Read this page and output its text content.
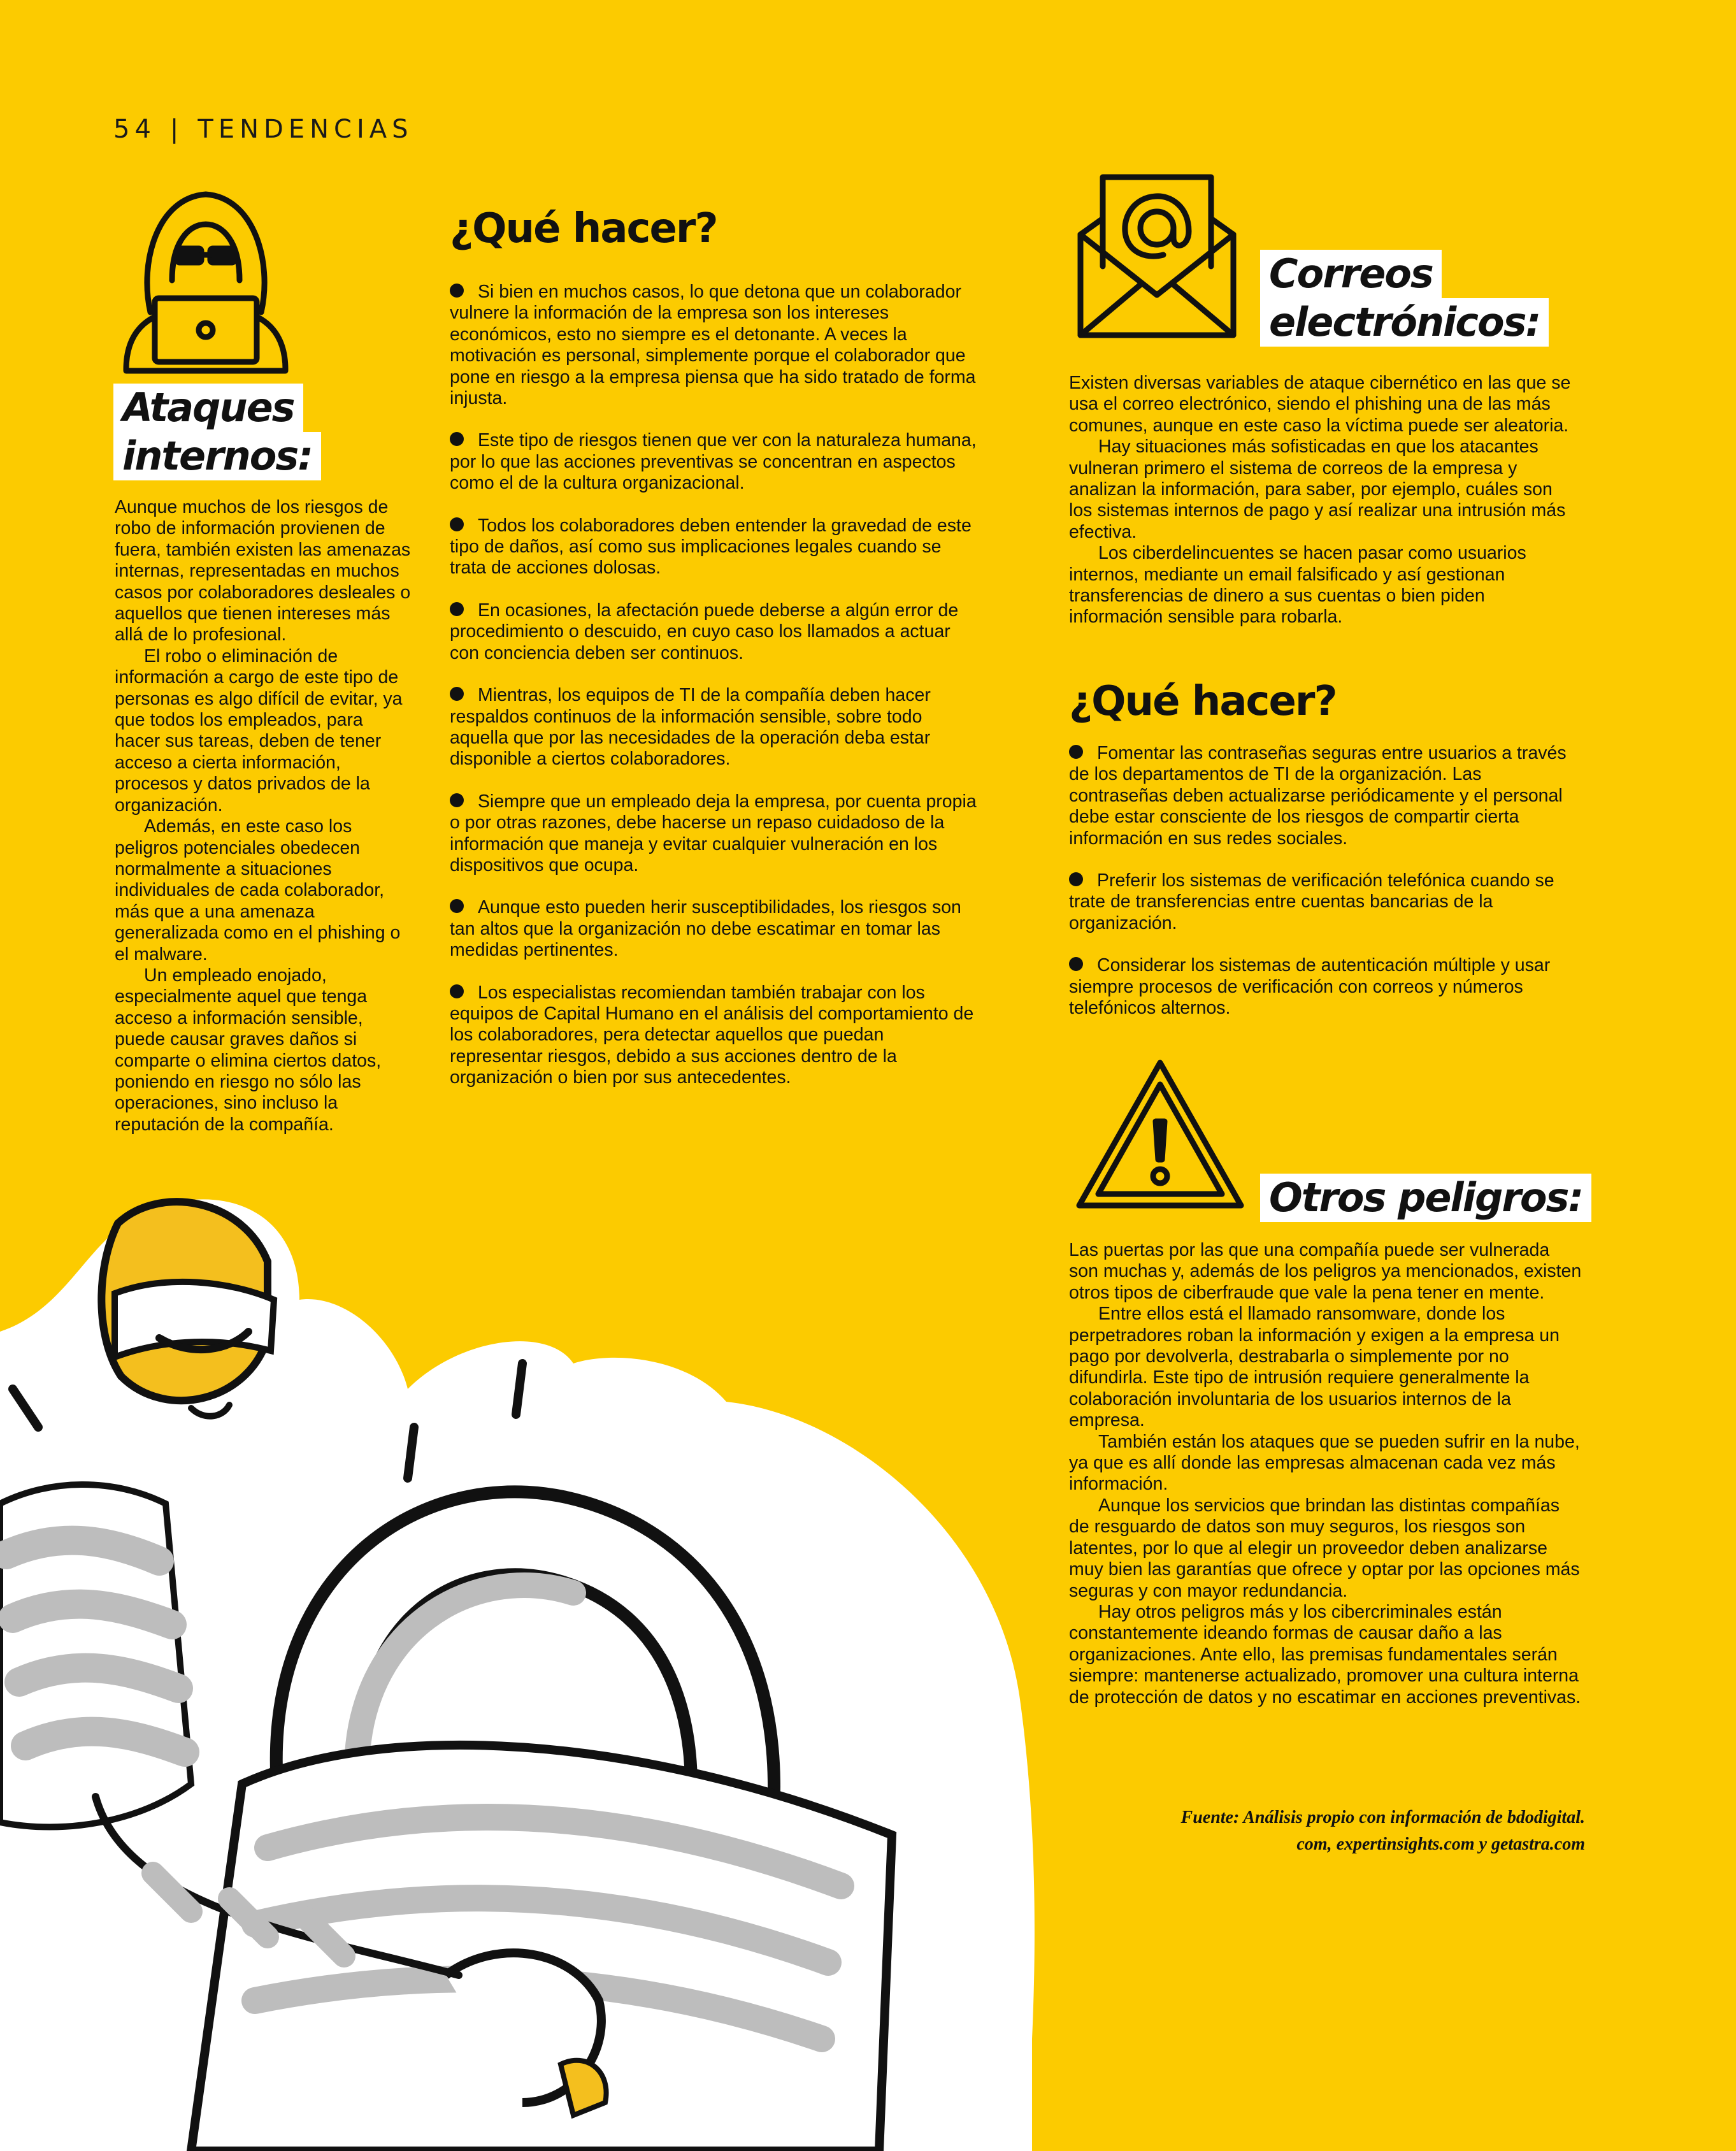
54 | TENDENCIAS
Ataques
internos:

Aunque muchos de los riesgos de robo de información provienen de fuera, también existen las amenazas internas, representadas en muchos casos por colaboradores desleales o aquellos que tienen intereses más allá de lo profesional.

El robo o eliminación de información a cargo de este tipo de personas es algo difícil de evitar, ya que todos los empleados, para hacer sus tareas, deben de tener acceso a cierta información, procesos y datos privados de la organización.

Además, en este caso los peligros potenciales obedecen normalmente a situaciones individuales de cada colaborador, más que a una amenaza generalizada como en el phishing o el malware.

Un empleado enojado, especialmente aquel que tenga acceso a información sensible, puede causar graves daños si comparte o elimina ciertos datos, poniendo en riesgo no sólo las operaciones, sino incluso la reputación de la compañía.

¿Qué hacer?

Si bien en muchos casos, lo que detona que un colaborador vulnere la información de la empresa son los intereses económicos, esto no siempre es el detonante. A veces la motivación es personal, simplemente porque el colaborador que pone en riesgo a la empresa piensa que ha sido tratado de forma injusta.

Este tipo de riesgos tienen que ver con la naturaleza humana, por lo que las acciones preventivas se concentran en aspectos como el de la cultura organizacional.

Todos los colaboradores deben entender la gravedad de este tipo de daños, así como sus implicaciones legales cuando se trata de acciones dolosas.

En ocasiones, la afectación puede deberse a algún error de procedimiento o descuido, en cuyo caso los llamados a actuar con conciencia deben ser continuos.

Mientras, los equipos de TI de la compañía deben hacer respaldos continuos de la información sensible, sobre todo aquella que por las necesidades de la operación deba estar disponible a ciertos colaboradores.

Siempre que un empleado deja la empresa, por cuenta propia o por otras razones, debe hacerse un repaso cuidadoso de la información que maneja y evitar cualquier vulneración en los dispositivos que ocupa.

Aunque esto pueden herir susceptibilidades, los riesgos son tan altos que la organización no debe escatimar en tomar las medidas pertinentes.

Los especialistas recomiendan también trabajar con los equipos de Capital Humano en el análisis del comportamiento de los colaboradores, pera detectar aquellos que puedan representar riesgos, debido a sus acciones dentro de la organización o bien por sus antecedentes.

Correos
electrónicos:

Existen diversas variables de ataque cibernético en las que se usa el correo electrónico, siendo el phishing una de las más comunes, aunque en este caso la víctima puede ser aleatoria.

Hay situaciones más sofisticadas en que los atacantes vulneran primero el sistema de correos de la empresa y analizan la información, para saber, por ejemplo, cuáles son los sistemas internos de pago y así realizar una intrusión más efectiva.

Los ciberdelincuentes se hacen pasar como usuarios internos, mediante un email falsificado y así gestionan transferencias de dinero a sus cuentas o bien piden información sensible para robarla.

¿Qué hacer?

Fomentar las contraseñas seguras entre usuarios a través de los departamentos de TI de la organización. Las contraseñas deben actualizarse periódicamente y el personal debe estar consciente de los riesgos de compartir cierta información en sus redes sociales.

Preferir los sistemas de verificación telefónica cuando se trate de transferencias entre cuentas bancarias de la organización.

Considerar los sistemas de autenticación múltiple y usar siempre procesos de verificación con correos y números telefónicos alternos.

Otros peligros:

Las puertas por las que una compañía puede ser vulnerada son muchas y, además de los peligros ya mencionados, existen otros tipos de ciberfraude que vale la pena tener en mente.

Entre ellos está el llamado ransomware, donde los perpetradores roban la información y exigen a la empresa un pago por devolverla, destrabarla o simplemente por no difundirla. Este tipo de intrusión requiere generalmente la colaboración involuntaria de los usuarios internos de la empresa.

También están los ataques que se pueden sufrir en la nube, ya que es allí donde las empresas almacenan cada vez más información.

Aunque los servicios que brindan las distintas compañías de resguardo de datos son muy seguros, los riesgos son latentes, por lo que al elegir un proveedor deben analizarse muy bien las garantías que ofrece y optar por las opciones más seguras y con mayor redundancia.

Hay otros peligros más y los cibercriminales están constantemente ideando formas de causar daño a las organizaciones. Ante ello, las premisas fundamentales serán siempre: mantenerse actualizado, promover una cultura interna de protección de datos y no escatimar en acciones preventivas.

Fuente: Análisis propio con información de bdodigital.
com, expertinsights.com y getastra.com
